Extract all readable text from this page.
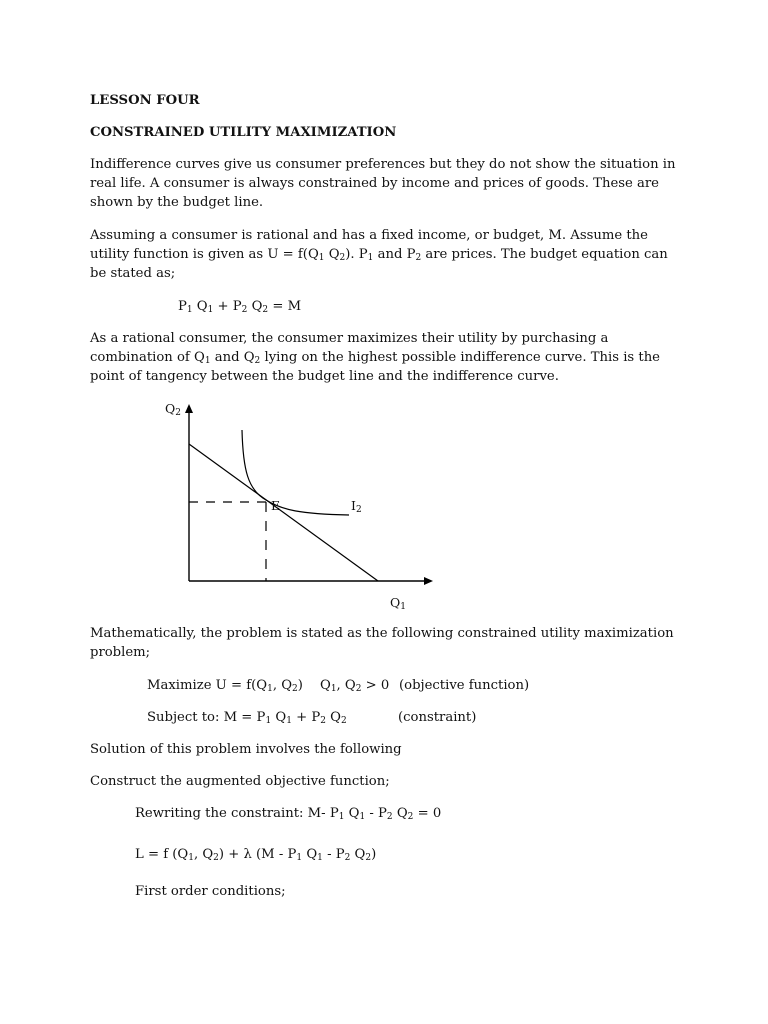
LESSON FOUR

CONSTRAINED UTILITY MAXIMIZATION

Indifference curves give us consumer preferences but they do not show the situation in real life. A consumer is always constrained by income and prices of goods. These are shown by the budget line.

Assuming a consumer is rational and has a fixed income, or budget, M. Assume the utility function is given as $U = f(Q_1$ $Q_2$). $P_1$ and $P_2$ are prices. The budget equation can be stated as;

$P_1$ $Q_1 + P_2$ $Q_2 = M$

As a rational consumer, the consumer maximizes their utility by purchasing a combination of $Q_1$ and $Q_2$ lying on the highest possible indifference curve. This is the point of tangency between the budget line and the indifference curve.

$Q_2$
$Q_1$
E	$I_2$

Mathematically, the problem is stated as the following constrained utility maximization problem;

Maximize $U = f(Q_1$, $Q_2$) $Q_1$, $Q_2 > 0$ (objective function)

Subject to: $M = P_1$ $Q_1 + P_2$ $Q_2$	(constraint)

Solution of this problem involves the following

Construct the augmented objective function;

Rewriting the constraint: M- $P_1$ $Q_1 - P_2$ $Q_2 = 0$

L = f ($Q_1$, $Q_2) + \lambda$ ($M - P_1$ $Q_1 - P_2$ $Q_2$)

First order conditions;
